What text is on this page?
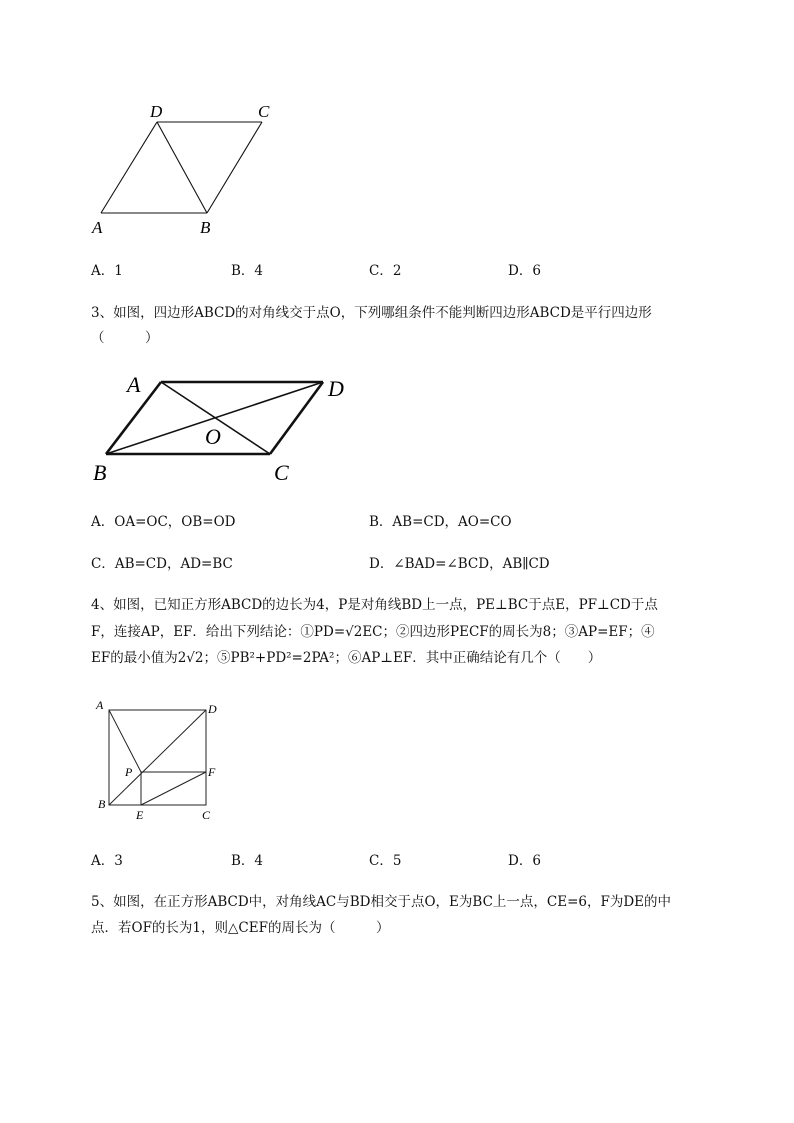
D	C
A	B
A．1	B．4	C．2	D．6
3、如图，四边形ABCD的对角线交于点O，下列哪组条件不能判断四边形ABCD是平行四边形
（　　　）
A	D
O
B	C
A．OA=OC，OB=OD	B．AB=CD，AO=CO
C．AB=CD，AD=BC	D．∠BAD=∠BCD，AB∥CD
4、如图，已知正方形ABCD的边长为4，P是对角线BD上一点，PE⊥BC于点E，PF⊥CD于点
F，连接AP，EF．给出下列结论：①PD=√2EC；②四边形PECF的周长为8；③AP=EF；④
EF的最小值为2√2；⑤PB²+PD²=2PA²；⑥AP⊥EF．其中正确结论有几个（　　）
A	D
P	F
B
E	C
A．3	B．4	C．5	D．6
5、如图，在正方形ABCD中，对角线AC与BD相交于点O，E为BC上一点，CE=6，F为DE的中
点．若OF的长为1，则△CEF的周长为（　　　）
